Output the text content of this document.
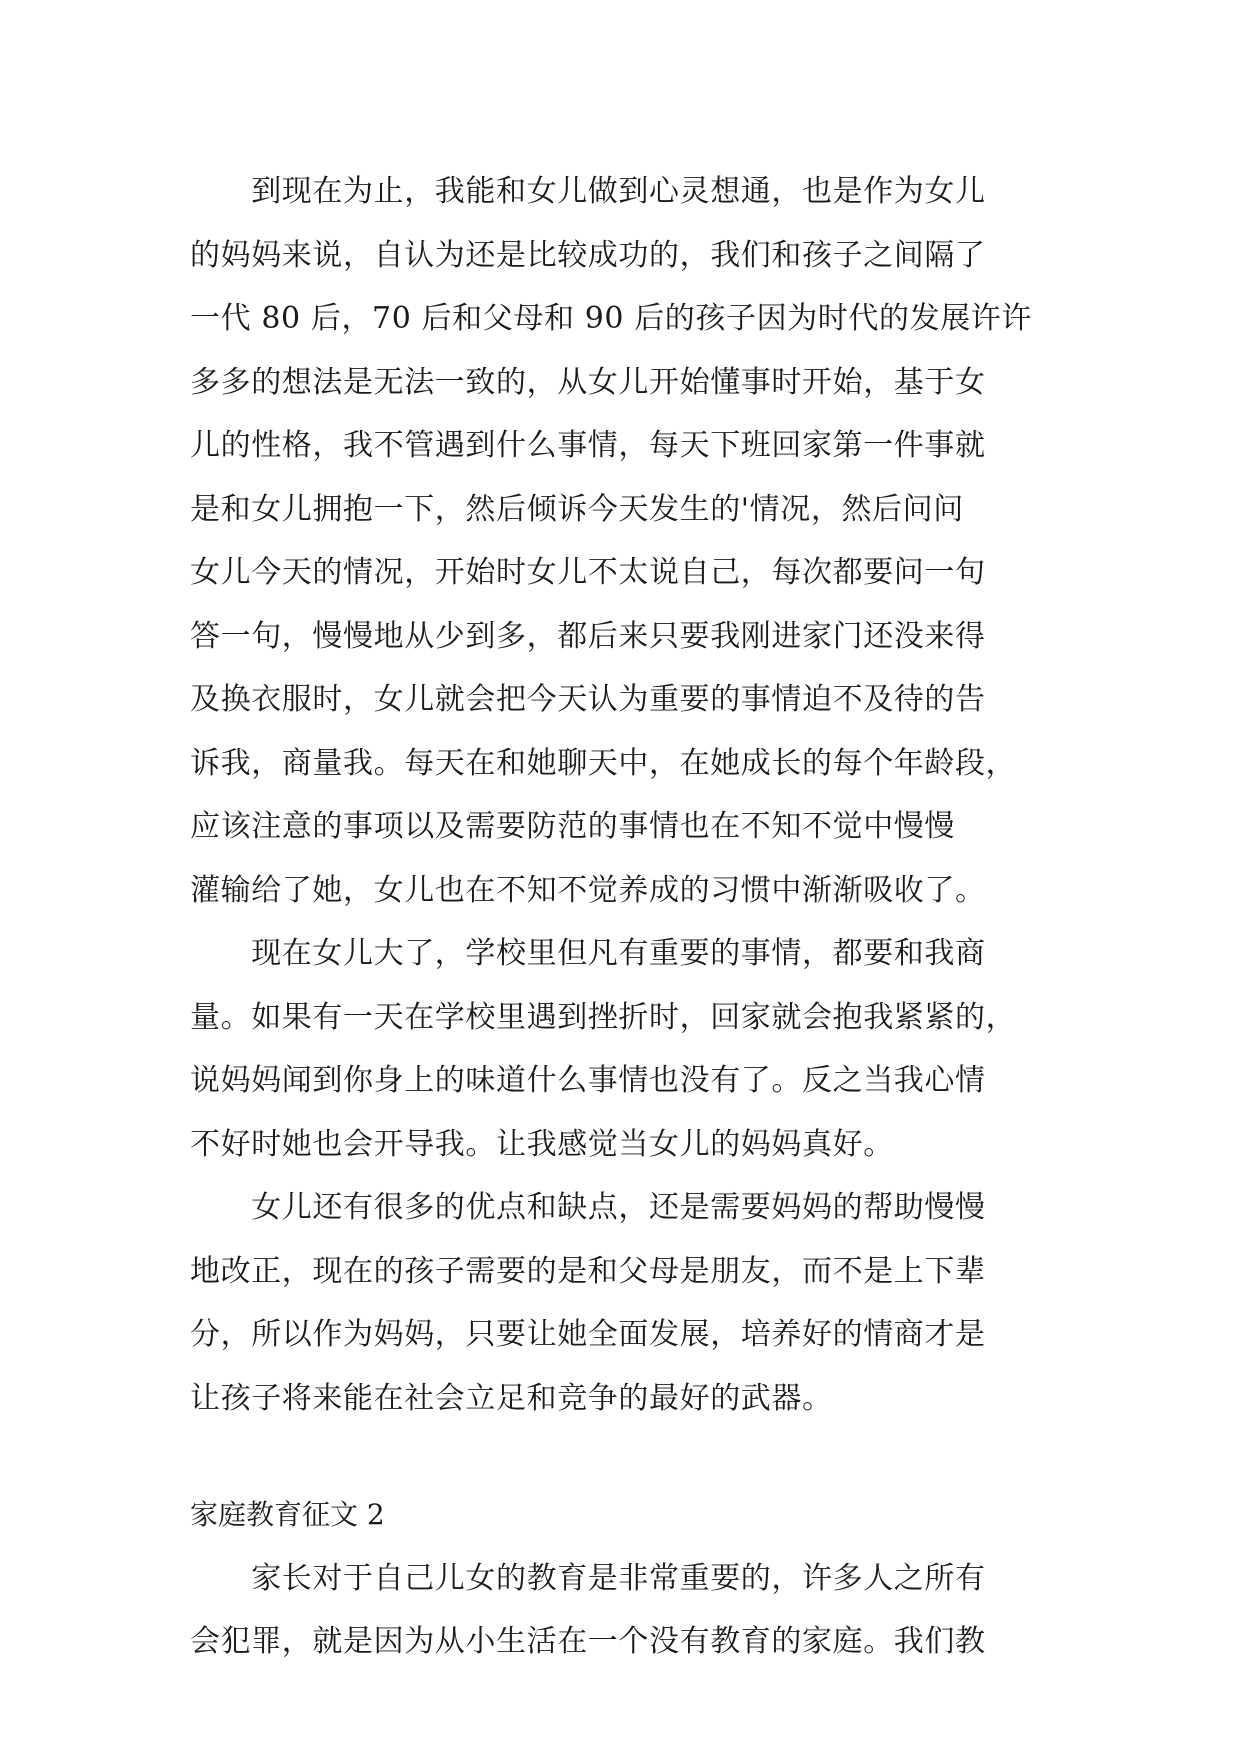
　　到现在为止，我能和女儿做到心灵想通，也是作为女儿
的妈妈来说，自认为还是比较成功的，我们和孩子之间隔了
一代 80 后，70 后和父母和 90 后的孩子因为时代的发展许许
多多的想法是无法一致的，从女儿开始懂事时开始，基于女
儿的性格，我不管遇到什么事情，每天下班回家第一件事就
是和女儿拥抱一下，然后倾诉今天发生的'情况，然后问问
女儿今天的情况，开始时女儿不太说自己，每次都要问一句
答一句，慢慢地从少到多，都后来只要我刚进家门还没来得
及换衣服时，女儿就会把今天认为重要的事情迫不及待的告
诉我，商量我。每天在和她聊天中，在她成长的每个年龄段，
应该注意的事项以及需要防范的事情也在不知不觉中慢慢
灌输给了她，女儿也在不知不觉养成的习惯中渐渐吸收了。
　　现在女儿大了，学校里但凡有重要的事情，都要和我商
量。如果有一天在学校里遇到挫折时，回家就会抱我紧紧的，
说妈妈闻到你身上的味道什么事情也没有了。反之当我心情
不好时她也会开导我。让我感觉当女儿的妈妈真好。
　　女儿还有很多的优点和缺点，还是需要妈妈的帮助慢慢
地改正，现在的孩子需要的是和父母是朋友，而不是上下辈
分，所以作为妈妈，只要让她全面发展，培养好的情商才是
让孩子将来能在社会立足和竞争的最好的武器。
家庭教育征文 2
　　家长对于自己儿女的教育是非常重要的，许多人之所有
会犯罪，就是因为从小生活在一个没有教育的家庭。我们教
